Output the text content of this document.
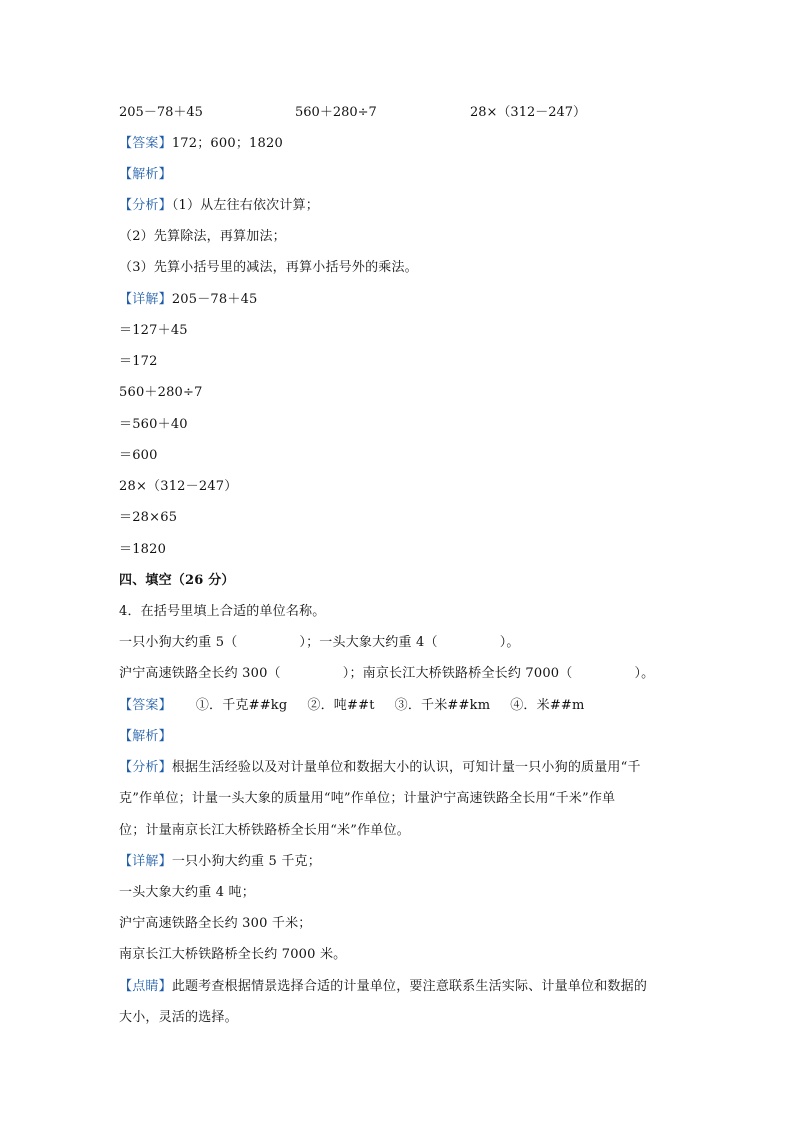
205－78＋45	560＋280÷7	28×（312－247）
【答案】172；600；1820
【解析】
【分析】（1）从左往右依次计算；
（2）先算除法，再算加法；
（3）先算小括号里的减法，再算小括号外的乘法。
【详解】205－78＋45
＝127＋45
＝172
560＋280÷7
＝560＋40
＝600
28×（312－247）
＝28×65
＝1820
四、填空（26 分）
4．在括号里填上合适的单位名称。
一只小狗大约重 5（	）；一头大象大约重 4（	）。
沪宁高速铁路全长约 300（	）；南京长江大桥铁路桥全长约 7000（	）。
【答案】 ①．千克##kg ②．吨##t ③．千米##km ④．米##m
【解析】
【分析】根据生活经验以及对计量单位和数据大小的认识，可知计量一只小狗的质量用“千
克”作单位；计量一头大象的质量用“吨”作单位；计量沪宁高速铁路全长用“千米”作单
位；计量南京长江大桥铁路桥全长用“米”作单位。
【详解】一只小狗大约重 5 千克；
一头大象大约重 4 吨；
沪宁高速铁路全长约 300 千米；
南京长江大桥铁路桥全长约 7000 米。
【点睛】此题考查根据情景选择合适的计量单位，要注意联系生活实际、计量单位和数据的
大小，灵活的选择。
